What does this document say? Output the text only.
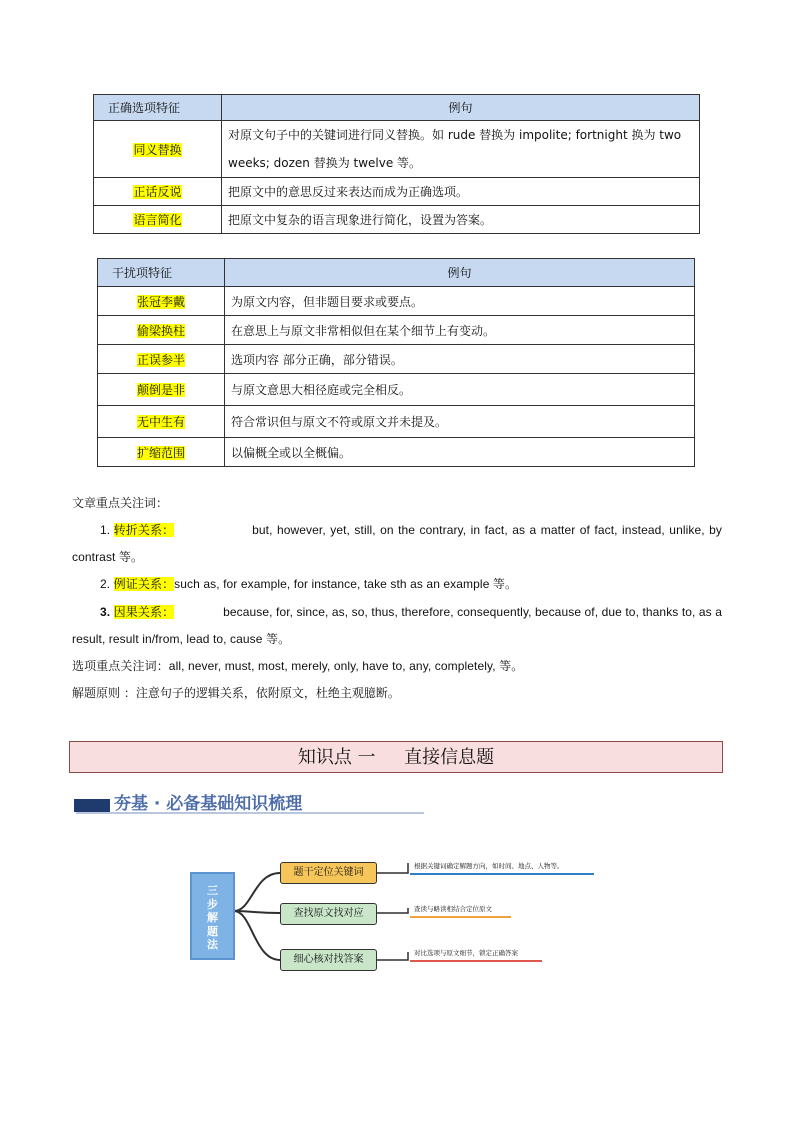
正确选项特征	例句
同义替换	对原文句子中的关键词进行同义替换。如 rude 替换为 impolite; fortnight 换为 two weeks; dozen 替换为 twelve 等。
正话反说	把原文中的意思反过来表达而成为正确选项。
语言简化	把原文中复杂的语言现象进行简化，设置为答案。
干扰项特征	例句
张冠李戴	为原文内容，但非题目要求或要点。
偷梁换柱	在意思上与原文非常相似但在某个细节上有变动。
正误参半	选项内容 部分正确，部分错误。
颠倒是非	与原文意思大相径庭或完全相反。
无中生有	符合常识但与原文不符或原文并未提及。
扩缩范围	以偏概全或以全概偏。
文章重点关注词：
1. 转折关系：	but, however, yet, still, on the contrary, in fact, as a matter of fact, instead, unlike, by
contrast 等。
2. 例证关系：such as, for example, for instance, take sth as an example 等。
3. 因果关系：	because, for, since, as, so, thus, therefore, consequently, because of, due to, thanks to, as a
result, result in/from, lead to, cause 等。
选项重点关注词：all, never, must, most, merely, only, have to, any, completely, 等。
解题原则 ：注意句子的逻辑关系，依附原文，杜绝主观臆断。
知识点 一     直接信息题
夯基 · 必备基础知识梳理
三
步
解
题
法
题干定位关键词
查找原文找对应
细心核对找答案
根据关键词确定解题方向，如时间、地点、人物等。
查读与略读相结合定位原文
对比选项与原文细节，锁定正确答案
